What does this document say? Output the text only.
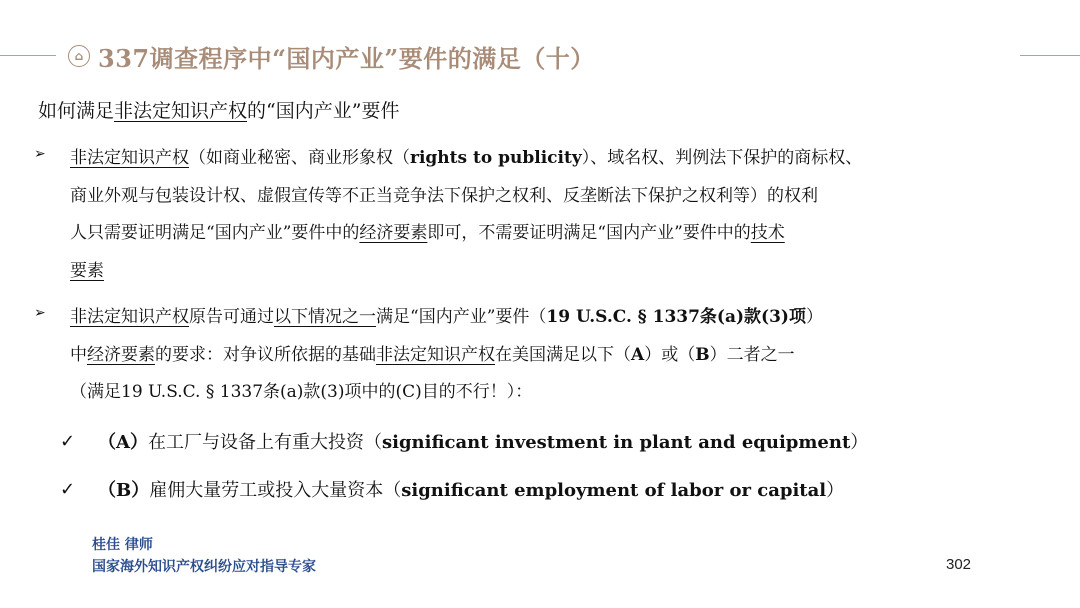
⌂ 337调查程序中“国内产业”要件的满足（十）
如何满足非法定知识产权的“国内产业”要件
➢	非法定知识产权（如商业秘密、商业形象权（rights to publicity）、域名权、判例法下保护的商标权、
商业外观与包装设计权、虚假宣传等不正当竞争法下保护之权利、反垄断法下保护之权利等）的权利
人只需要证明满足“国内产业”要件中的经济要素即可，不需要证明满足“国内产业”要件中的技术
要素
➢	非法定知识产权原告可通过以下情况之一满足“国内产业”要件（19 U.S.C. § 1337条(a)款(3)项）
中经济要素的要求：对争议所依据的基础非法定知识产权在美国满足以下（A）或（B）二者之一
（满足19 U.S.C. § 1337条(a)款(3)项中的(C)目的不行！）：
✓	（A）在工厂与设备上有重大投资（significant investment in plant and equipment）
✓	（B）雇佣大量劳工或投入大量资本（significant employment of labor or capital）
桂佳 律师
国家海外知识产权纠纷应对指导专家	302
